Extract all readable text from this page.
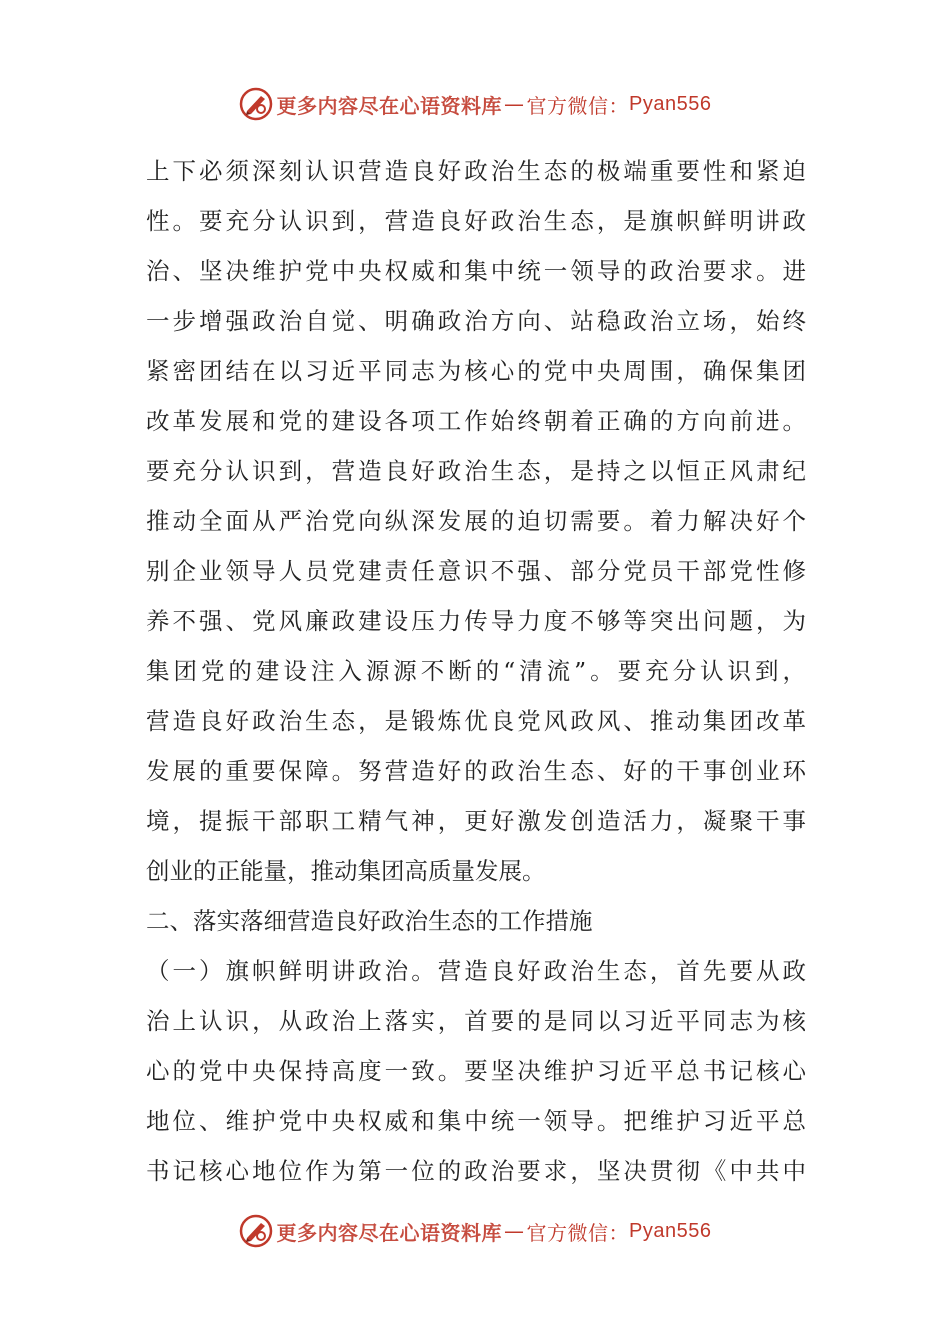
更多内容尽在心语资料库 — 官方微信： Pyan556
上下必须深刻认识营造良好政治生态的极端重要性和紧迫
性。要充分认识到，营造良好政治生态，是旗帜鲜明讲政
治、坚决维护党中央权威和集中统一领导的政治要求。进
一步增强政治自觉、明确政治方向、站稳政治立场，始终
紧密团结在以习近平同志为核心的党中央周围，确保集团
改革发展和党的建设各项工作始终朝着正确的方向前进。
要充分认识到，营造良好政治生态，是持之以恒正风肃纪
推动全面从严治党向纵深发展的迫切需要。着力解决好个
别企业领导人员党建责任意识不强、部分党员干部党性修
养不强、党风廉政建设压力传导力度不够等突出问题，为
集团党的建设注入源源不断的“清流”。要充分认识到，
营造良好政治生态，是锻炼优良党风政风、推动集团改革
发展的重要保障。努营造好的政治生态、好的干事创业环
境，提振干部职工精气神，更好激发创造活力，凝聚干事
创业的正能量，推动集团高质量发展。
二、落实落细营造良好政治生态的工作措施
（一）旗帜鲜明讲政治。营造良好政治生态，首先要从政
治上认识，从政治上落实，首要的是同以习近平同志为核
心的党中央保持高度一致。要坚决维护习近平总书记核心
地位、维护党中央权威和集中统一领导。把维护习近平总
书记核心地位作为第一位的政治要求，坚决贯彻《中共中
更多内容尽在心语资料库 — 官方微信： Pyan556
